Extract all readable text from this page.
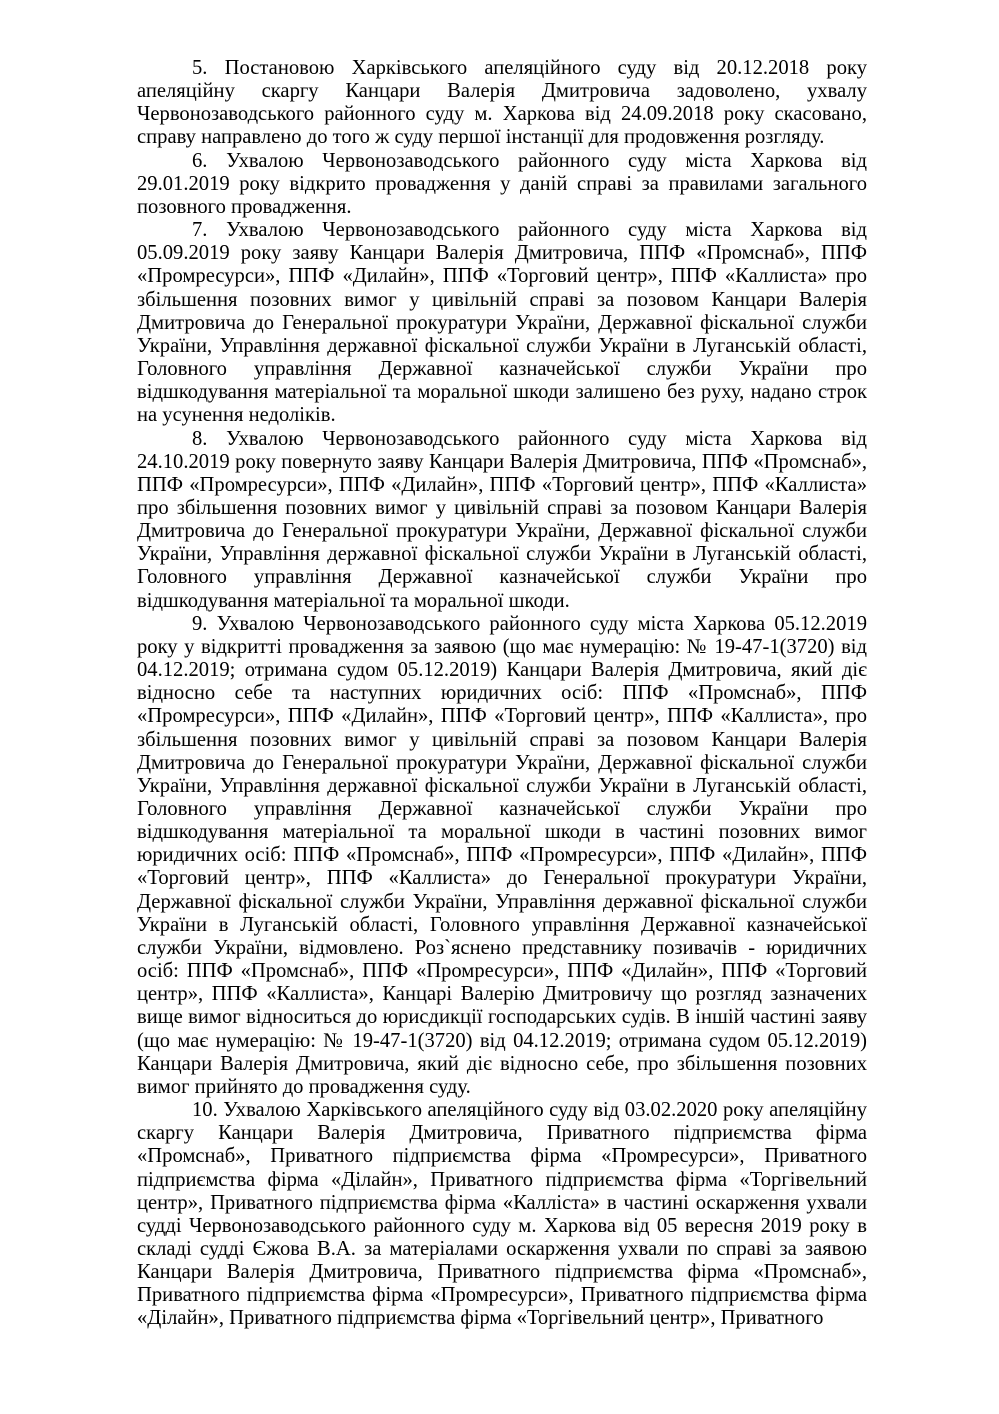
5. Постановою Харківського апеляційного суду від 20.12.2018 року апеляційну скаргу Канцари Валерія Дмитровича задоволено, ухвалу Червонозаводського районного суду м. Харкова від 24.09.2018 року скасовано, справу направлено до того ж суду першої інстанції для продовження розгляду.

6. Ухвалою Червонозаводського районного суду міста Харкова від 29.01.2019 року відкрито провадження у даній справі за правилами загального позовного провадження.

7. Ухвалою Червонозаводського районного суду міста Харкова від 05.09.2019 року заяву Канцари Валерія Дмитровича, ППФ «Промснаб», ППФ «Промресурси», ППФ «Дилайн», ППФ «Торговий центр», ППФ «Каллиста» про збільшення позовних вимог у цивільній справі за позовом Канцари Валерія Дмитровича до Генеральної прокуратури України, Державної фіскальної служби України, Управління державної фіскальної служби України в Луганській області, Головного управління Державної казначейської служби України про відшкодування матеріальної та моральної шкоди залишено без руху, надано строк на усунення недоліків.

8. Ухвалою Червонозаводського районного суду міста Харкова від 24.10.2019 року повернуто заяву Канцари Валерія Дмитровича, ППФ «Промснаб», ППФ «Промресурси», ППФ «Дилайн», ППФ «Торговий центр», ППФ «Каллиста» про збільшення позовних вимог у цивільній справі за позовом Канцари Валерія Дмитровича до Генеральної прокуратури України, Державної фіскальної служби України, Управління державної фіскальної служби України в Луганській області, Головного управління Державної казначейської служби України про відшкодування матеріальної та моральної шкоди.

9. Ухвалою Червонозаводського районного суду міста Харкова 05.12.2019 року у відкритті провадження за заявою (що має нумерацію: № 19-47-1(3720) від 04.12.2019; отримана судом 05.12.2019) Канцари Валерія Дмитровича, який діє відносно себе та наступних юридичних осіб: ППФ «Промснаб», ППФ «Промресурси», ППФ «Дилайн», ППФ «Торговий центр», ППФ «Каллиста», про збільшення позовних вимог у цивільній справі за позовом Канцари Валерія Дмитровича до Генеральної прокуратури України, Державної фіскальної служби України, Управління державної фіскальної служби України в Луганській області, Головного управління Державної казначейської служби України про відшкодування матеріальної та моральної шкоди в частині позовних вимог юридичних осіб: ППФ «Промснаб», ППФ «Промресурси», ППФ «Дилайн», ППФ «Торговий центр», ППФ «Каллиста» до Генеральної прокуратури України, Державної фіскальної служби України, Управління державної фіскальної служби України в Луганській області, Головного управління Державної казначейської служби України, відмовлено. Роз`яснено представнику позивачів - юридичних осіб: ППФ «Промснаб», ППФ «Промресурси», ППФ «Дилайн», ППФ «Торговий центр», ППФ «Каллиста», Канцарі Валерію Дмитровичу що розгляд зазначених вище вимог відноситься до юрисдикції господарських судів. В іншій частині заяву (що має нумерацію: № 19-47-1(3720) від 04.12.2019; отримана судом 05.12.2019) Канцари Валерія Дмитровича, який діє відносно себе, про збільшення позовних вимог прийнято до провадження суду.

10. Ухвалою Харківського апеляційного суду від 03.02.2020 року апеляційну скаргу Канцари Валерія Дмитровича, Приватного підприємства фірма «Промснаб», Приватного підприємства фірма «Промресурси», Приватного підприємства фірма «Ділайн», Приватного підприємства фірма «Торгівельний центр», Приватного підприємства фірма «Калліста» в частині оскарження ухвали судді Червонозаводського районного суду м. Харкова від 05 вересня 2019 року в складі судді Єжова В.А. за матеріалами оскарження ухвали по справі за заявою Канцари Валерія Дмитровича, Приватного підприємства фірма «Промснаб», Приватного підприємства фірма «Промресурси», Приватного підприємства фірма «Ділайн», Приватного підприємства фірма «Торгівельний центр», Приватного
